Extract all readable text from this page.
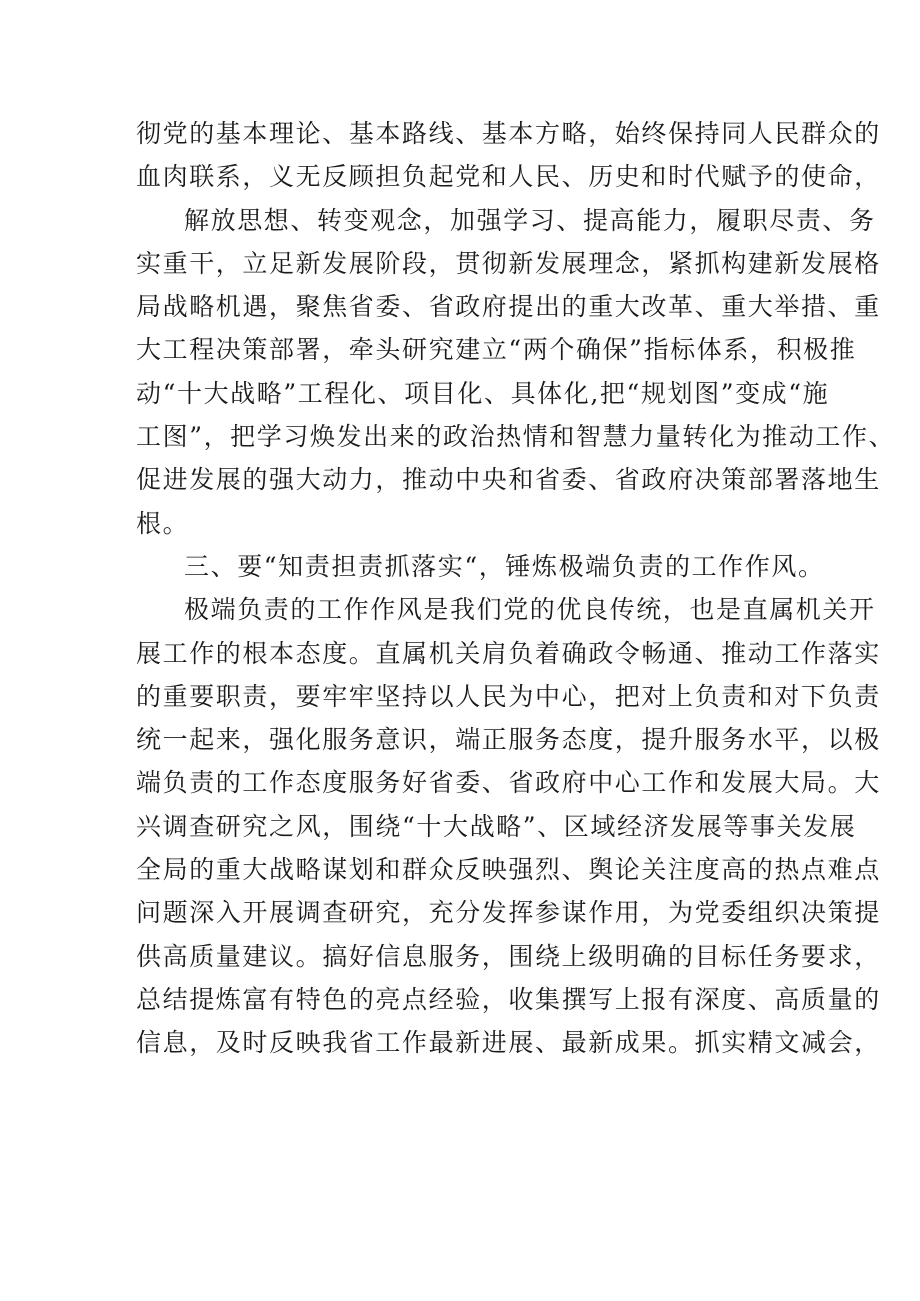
彻党的基本理论、基本路线、基本方略，始终保持同人民群众的
血肉联系，义无反顾担负起党和人民、历史和时代赋予的使命，
解放思想、转变观念，加强学习、提高能力，履职尽责、务
实重干，立足新发展阶段，贯彻新发展理念，紧抓构建新发展格
局战略机遇，聚焦省委、省政府提出的重大改革、重大举措、重
大工程决策部署，牵头研究建立“两个确保”指标体系，积极推
动“十大战略”工程化、项目化、具体化,把“规划图”变成“施
工图”，把学习焕发出来的政治热情和智慧力量转化为推动工作、
促进发展的强大动力，推动中央和省委、省政府决策部署落地生
根。
三、要“知责担责抓落实“，锤炼极端负责的工作作风。
极端负责的工作作风是我们党的优良传统，也是直属机关开
展工作的根本态度。直属机关肩负着确政令畅通、推动工作落实
的重要职责，要牢牢坚持以人民为中心，把对上负责和对下负责
统一起来，强化服务意识，端正服务态度，提升服务水平，以极
端负责的工作态度服务好省委、省政府中心工作和发展大局。大
兴调查研究之风，围绕“十大战略”、区域经济发展等事关发展
全局的重大战略谋划和群众反映强烈、舆论关注度高的热点难点
问题深入开展调查研究，充分发挥参谋作用，为党委组织决策提
供高质量建议。搞好信息服务，围绕上级明确的目标任务要求，
总结提炼富有特色的亮点经验，收集撰写上报有深度、高质量的
信息，及时反映我省工作最新进展、最新成果。抓实精文减会，
